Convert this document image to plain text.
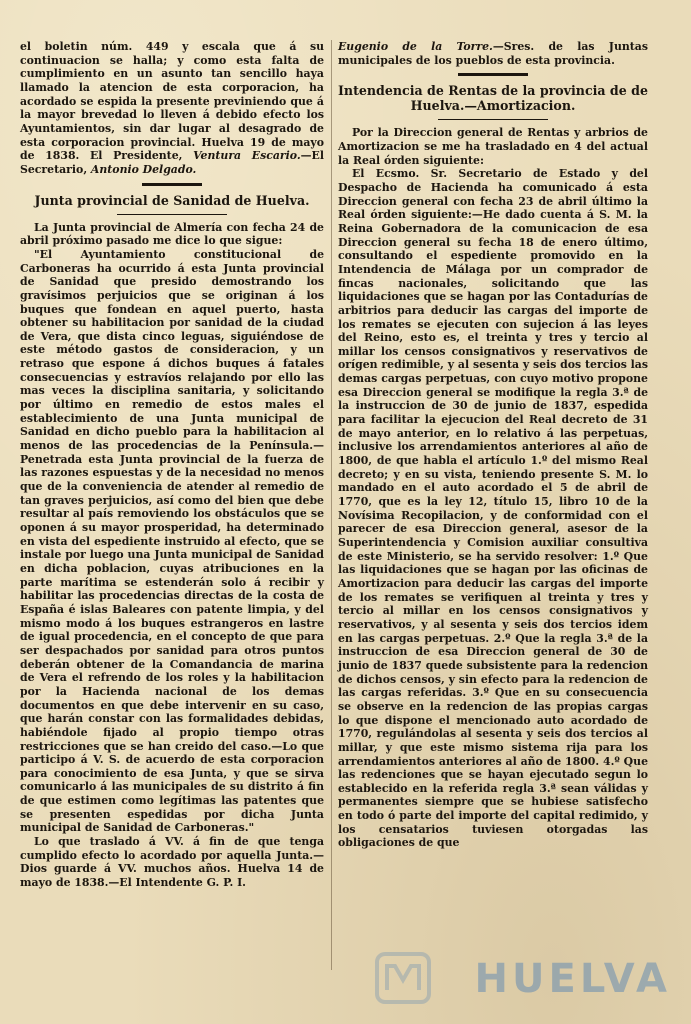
el boletin núm. 449 y escala que á su continuacion se halla; y como esta falta de cumplimiento en un asunto tan sencillo haya llamado la atencion de esta corporacion, ha acordado se espida la presente previniendo que á la mayor brevedad lo lleven á debido efecto los Ayuntamientos, sin dar lugar al desagrado de esta corporacion provincial. Huelva 19 de mayo de 1838. El Presidente, Ventura Escario.—El Secretario, Antonio Delgado.

Junta provincial de Sanidad de Huelva.

La Junta provincial de Almería con fecha 24 de abril próximo pasado me dice lo que sigue:

"El Ayuntamiento constitucional de Carboneras ha ocurrido á esta Junta provincial de Sanidad que presido demostrando los gravísimos perjuicios que se originan á los buques que fondean en aquel puerto, hasta obtener su habilitacion por sanidad de la ciudad de Vera, que dista cinco leguas, siguiéndose de este método gastos de consideracion, y un retraso que espone á dichos buques á fatales consecuencias y estravíos relajando por ello las mas veces la disciplina sanitaria, y solicitando por último en remedio de estos males el establecimiento de una Junta municipal de Sanidad en dicho pueblo para la habilitacion al menos de las procedencias de la Península.—Penetrada esta Junta provincial de la fuerza de las razones espuestas y de la necesidad no menos que de la conveniencia de atender al remedio de tan graves perjuicios, así como del bien que debe resultar al país removiendo los obstáculos que se oponen á su mayor prosperidad, ha determinado en vista del espediente instruido al efecto, que se instale por luego una Junta municipal de Sanidad en dicha poblacion, cuyas atribuciones en la parte marítima se estenderán solo á recibir y habilitar las procedencias directas de la costa de España é islas Baleares con patente limpia, y del mismo modo á los buques estrangeros en lastre de igual procedencia, en el concepto de que para ser despachados por sanidad para otros puntos deberán obtener de la Comandancia de marina de Vera el refrendo de los roles y la habilitacion por la Hacienda nacional de los demas documentos en que debe intervenir en su caso, que harán constar con las formalidades debidas, habiéndole fijado al propio tiempo otras restricciones que se han creido del caso.—Lo que participo á V. S. de acuerdo de esta corporacion para conocimiento de esa Junta, y que se sirva comunicarlo á las municipales de su distrito á fin de que estimen como legítimas las patentes que se presenten espedidas por dicha Junta municipal de Sanidad de Carboneras."

Lo que traslado á VV. á fin de que tenga cumplido efecto lo acordado por aquella Junta.—Dios guarde á VV. muchos años. Huelva 14 de mayo de 1838.—El Intendente G. P. I.

Eugenio de la Torre.—Sres. de las Juntas municipales de los pueblos de esta provincia.

Intendencia de Rentas de la provincia de de Huelva.—Amortizacion.

Por la Direccion general de Rentas y arbrios de Amortizacion se me ha trasladado en 4 del actual la Real órden siguiente:

El Ecsmo. Sr. Secretario de Estado y del Despacho de Hacienda ha comunicado á esta Direccion general con fecha 23 de abril último la Real órden siguiente:—He dado cuenta á S. M. la Reina Gobernadora de la comunicacion de esa Direccion general su fecha 18 de enero último, consultando el espediente promovido en la Intendencia de Málaga por un comprador de fincas nacionales, solicitando que las liquidaciones que se hagan por las Contadurías de arbitrios para deducir las cargas del importe de los remates se ejecuten con sujecion á las leyes del Reino, esto es, el treinta y tres y tercio al millar los censos consignativos y reservativos de orígen redimible, y al sesenta y seis dos tercios las demas cargas perpetuas, con cuyo motivo propone esa Direccion general se modifique la regla 3.ª de la instruccion de 30 de junio de 1837, espedida para facilitar la ejecucion del Real decreto de 31 de mayo anterior, en lo relativo á las perpetuas, inclusive los arrendamientos anteriores al año de 1800, de que habla el artículo 1.º del mismo Real decreto; y en su vista, teniendo presente S. M. lo mandado en el auto acordado el 5 de abril de 1770, que es la ley 12, título 15, libro 10 de la Novísima Recopilacion, y de conformidad con el parecer de esa Direccion general, asesor de la Superintendencia y Comision auxiliar consultiva de este Ministerio, se ha servido resolver: 1.º Que las liquidaciones que se hagan por las oficinas de Amortizacion para deducir las cargas del importe de los remates se verifiquen al treinta y tres y tercio al millar en los censos consignativos y reservativos, y al sesenta y seis dos tercios idem en las cargas perpetuas. 2.º Que la regla 3.ª de la instruccion de esa Direccion general de 30 de junio de 1837 quede subsistente para la redencion de dichos censos, y sin efecto para la redencion de las cargas referidas. 3.º Que en su consecuencia se observe en la redencion de las propias cargas lo que dispone el mencionado auto acordado de 1770, regulándolas al sesenta y seis dos tercios al millar, y que este mismo sistema rija para los arrendamientos anteriores al año de 1800. 4.º Que las redenciones que se hayan ejecutado segun lo establecido en la referida regla 3.ª sean válidas y permanentes siempre que se hubiese satisfecho en todo ó parte del importe del capital redimido, y los censatarios tuviesen otorgadas las obligaciones de que

HUELVA
